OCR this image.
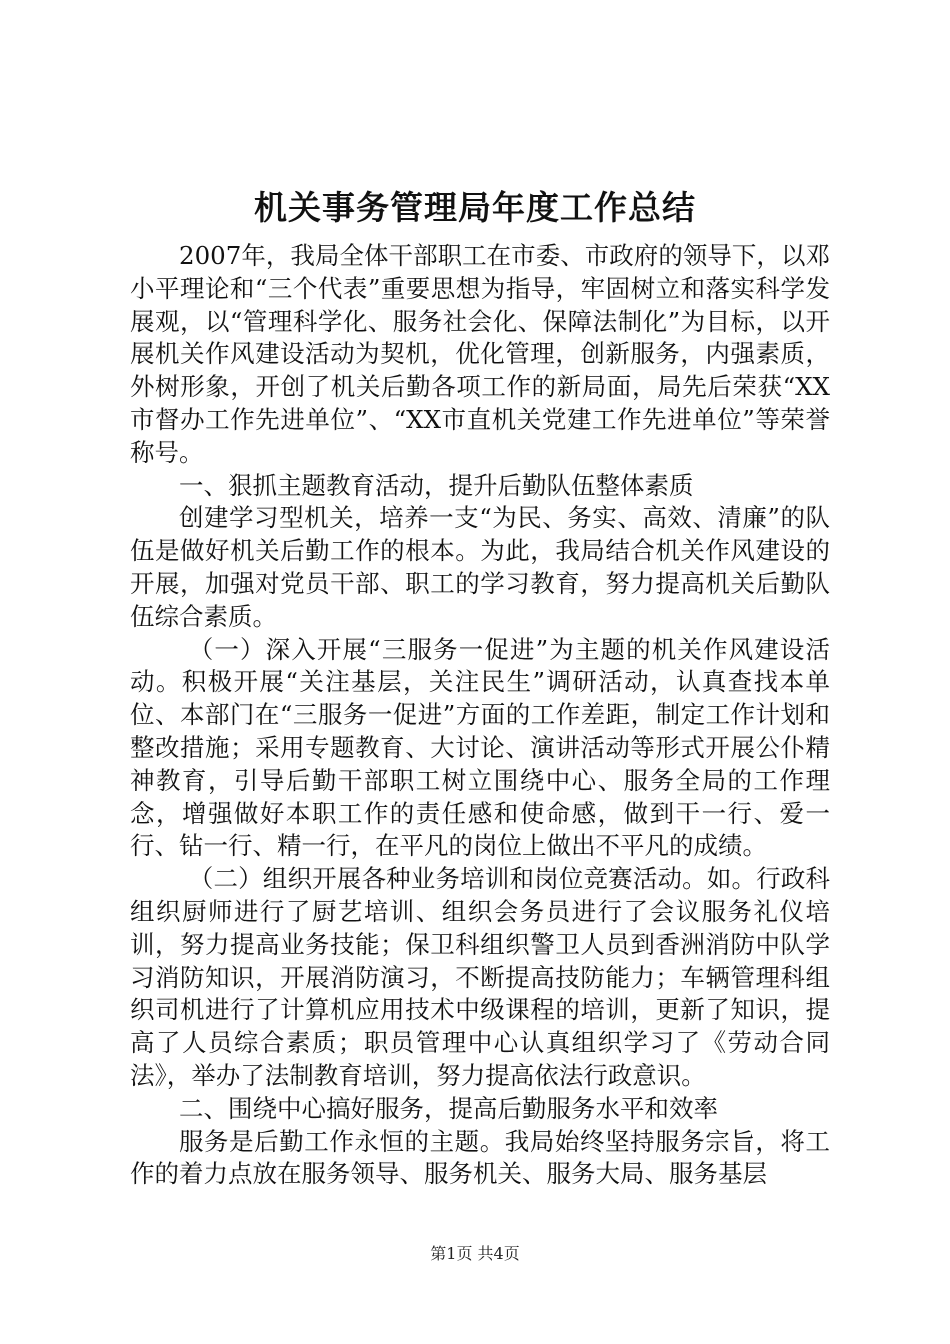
机关事务管理局年度工作总结

2007年，我局全体干部职工在市委、市政府的领导下，以邓小平理论和“三个代表”重要思想为指导，牢固树立和落实科学发展观，以“管理科学化、服务社会化、保障法制化”为目标，以开展机关作风建设活动为契机，优化管理，创新服务，内强素质，外树形象，开创了机关后勤各项工作的新局面，局先后荣获“XX市督办工作先进单位”、“XX市直机关党建工作先进单位”等荣誉称号。

一、狠抓主题教育活动，提升后勤队伍整体素质

创建学习型机关，培养一支“为民、务实、高效、清廉”的队伍是做好机关后勤工作的根本。为此，我局结合机关作风建设的开展，加强对党员干部、职工的学习教育，努力提高机关后勤队伍综合素质。

（一）深入开展“三服务一促进”为主题的机关作风建设活动。积极开展“关注基层，关注民生”调研活动，认真查找本单位、本部门在“三服务一促进”方面的工作差距，制定工作计划和整改措施；采用专题教育、大讨论、演讲活动等形式开展公仆精神教育，引导后勤干部职工树立围绕中心、服务全局的工作理念，增强做好本职工作的责任感和使命感，做到干一行、爱一行、钻一行、精一行，在平凡的岗位上做出不平凡的成绩。

（二）组织开展各种业务培训和岗位竞赛活动。如。行政科组织厨师进行了厨艺培训、组织会务员进行了会议服务礼仪培训，努力提高业务技能；保卫科组织警卫人员到香洲消防中队学习消防知识，开展消防演习，不断提高技防能力；车辆管理科组织司机进行了计算机应用技术中级课程的培训，更新了知识，提高了人员综合素质；职员管理中心认真组织学习了《劳动合同法》，举办了法制教育培训，努力提高依法行政意识。

二、围绕中心搞好服务，提高后勤服务水平和效率

服务是后勤工作永恒的主题。我局始终坚持服务宗旨，将工作的着力点放在服务领导、服务机关、服务大局、服务基层

第1页 共4页
